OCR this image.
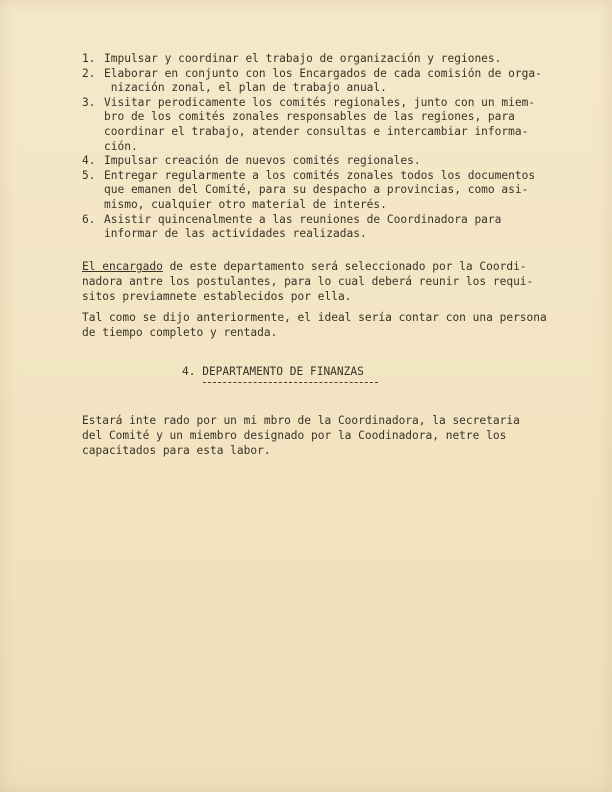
1. Impulsar y coordinar el trabajo de organización y regiones.
2. Elaborar en conjunto con los Encargados de cada comisión de orga-
nización zonal, el plan de trabajo anual.
3. Visitar perodicamente los comités regionales, junto con un miem-
bro de los comités zonales responsables de las regiones, para
coordinar el trabajo, atender consultas e intercambiar informa-
ción.
4. Impulsar creación de nuevos comités regionales.
5. Entregar regularmente a los comités zonales todos los documentos
que emanen del Comité, para su despacho a provincias, como asi-
mismo, cualquier otro material de interés.
6. Asistir quincenalmente a las reuniones de Coordinadora para
informar de las actividades realizadas.
El encargado de este departamento será seleccionado por la Coordi-
nadora antre los postulantes, para lo cual deberá reunir los requi-
sitos previamnete establecidos por ella.
Tal como se dijo anteriormente, el ideal sería contar con una persona
de tiempo completo y rentada.
4. DEPARTAMENTO DE FINANZAS
Estará inte rado por un mi mbro de la Coordinadora, la secretaria
del Comité y un miembro designado por la Coodinadora, netre los
capacitados para esta labor.
